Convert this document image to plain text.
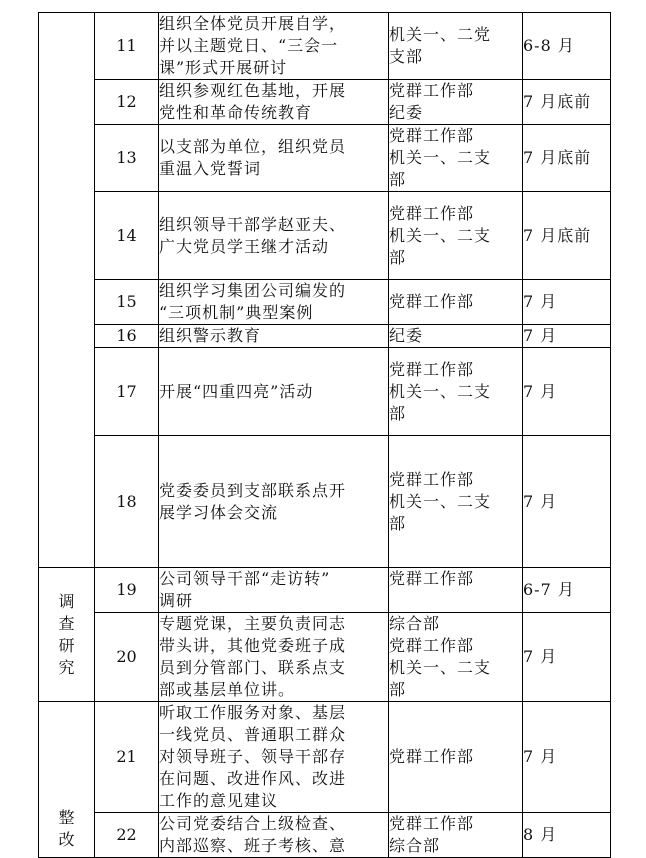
	11	组织全体党员开展自学，
并以主题党日、“三会一
课”形式开展研讨	机关一、二党
支部	6-8 月
	12	组织参观红色基地，开展
党性和革命传统教育	党群工作部
纪委	7 月底前
	13	以支部为单位，组织党员
重温入党誓词	党群工作部
机关一、二支
部	7 月底前
	14	组织领导干部学赵亚夫、
广大党员学王继才活动	党群工作部
机关一、二支
部	7 月底前
	15	组织学习集团公司编发的
“三项机制”典型案例	党群工作部	7 月
	16	组织警示教育	纪委	7 月
	17	开展“四重四亮”活动	党群工作部
机关一、二支
部	7 月
	18	党委委员到支部联系点开
展学习体会交流	党群工作部
机关一、二支
部	7 月

调查研究	19	公司领导干部“走访转”
调研	党群工作部	6-7 月
	20	专题党课，主要负责同志
带头讲，其他党委班子成
员到分管部门、联系点支
部或基层单位讲。	综合部
党群工作部
机关一、二支
部	7 月

整改	21	听取工作服务对象、基层
一线党员、普通职工群众
对领导班子、领导干部存
在问题、改进作风、改进
工作的意见建议	党群工作部	7 月
	22	公司党委结合上级检查、
内部巡察、班子考核、意	党群工作部
综合部	8 月
